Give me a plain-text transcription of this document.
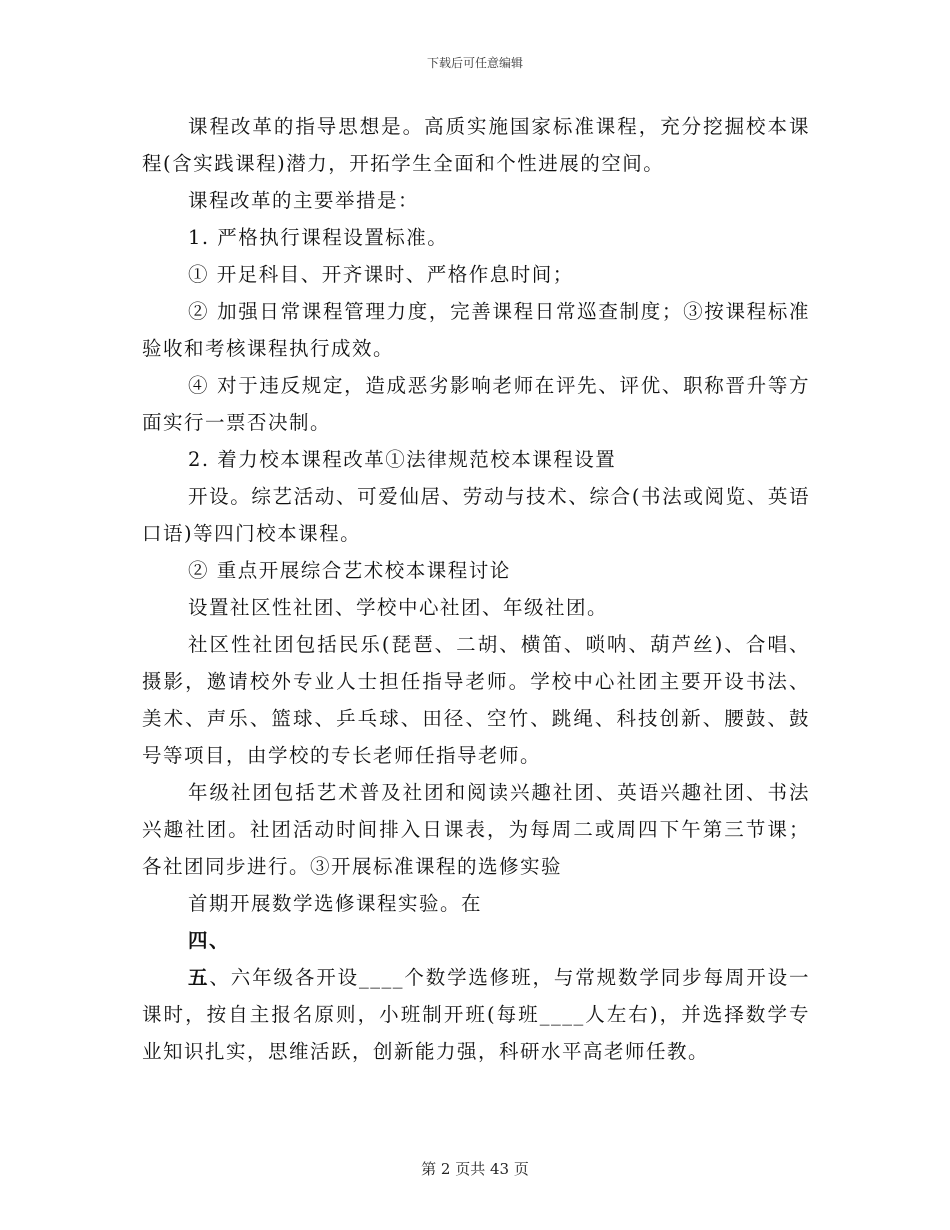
下载后可任意编辑

课程改革的指导思想是。高质实施国家标准课程，充分挖掘校本课程(含实践课程)潜力，开拓学生全面和个性进展的空间。

课程改革的主要举措是：

1. 严格执行课程设置标准。

① 开足科目、开齐课时、严格作息时间；

② 加强日常课程管理力度，完善课程日常巡查制度；③按课程标准验收和考核课程执行成效。

④ 对于违反规定，造成恶劣影响老师在评先、评优、职称晋升等方面实行一票否决制。

2. 着力校本课程改革①法律规范校本课程设置

开设。综艺活动、可爱仙居、劳动与技术、综合(书法或阅览、英语口语)等四门校本课程。

② 重点开展综合艺术校本课程讨论

设置社区性社团、学校中心社团、年级社团。

社区性社团包括民乐(琵琶、二胡、横笛、唢呐、葫芦丝)、合唱、摄影，邀请校外专业人士担任指导老师。学校中心社团主要开设书法、美术、声乐、篮球、乒乓球、田径、空竹、跳绳、科技创新、腰鼓、鼓号等项目，由学校的专长老师任指导老师。

年级社团包括艺术普及社团和阅读兴趣社团、英语兴趣社团、书法兴趣社团。社团活动时间排入日课表，为每周二或周四下午第三节课；各社团同步进行。③开展标准课程的选修实验

首期开展数学选修课程实验。在

四、

五、六年级各开设____个数学选修班，与常规数学同步每周开设一课时，按自主报名原则，小班制开班(每班____人左右)，并选择数学专业知识扎实，思维活跃，创新能力强，科研水平高老师任教。

第 2 页共 43 页
